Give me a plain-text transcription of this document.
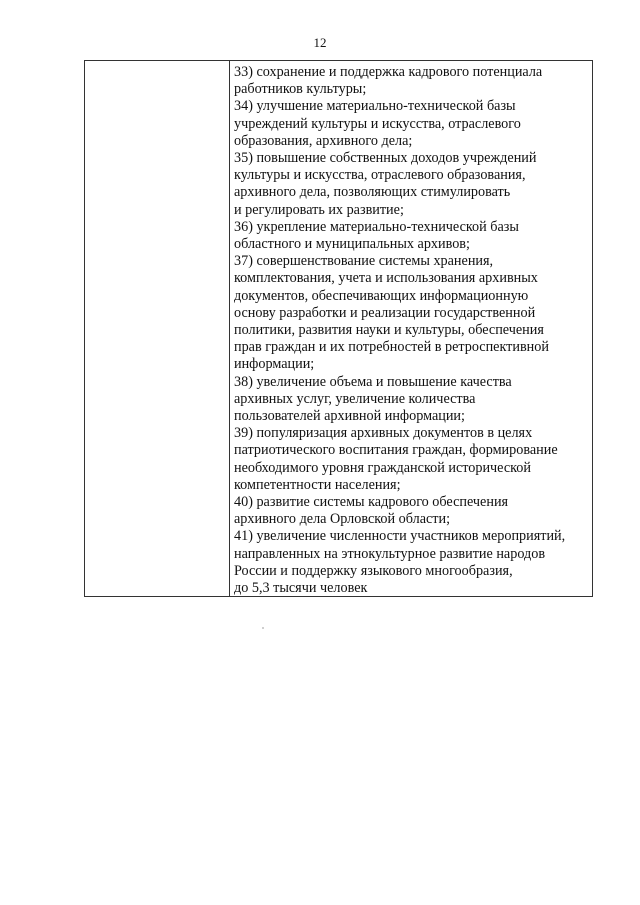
12
33) сохранение и поддержка кадрового потенциала
работников культуры;
34) улучшение материально-технической базы
учреждений культуры и искусства, отраслевого
образования, архивного дела;
35) повышение собственных доходов учреждений
культуры и искусства, отраслевого образования,
архивного дела, позволяющих стимулировать
и регулировать их развитие;
36) укрепление материально-технической базы
областного и муниципальных архивов;
37) совершенствование системы хранения,
комплектования, учета и использования архивных
документов, обеспечивающих информационную
основу разработки и реализации государственной
политики, развития науки и культуры, обеспечения
прав граждан и их потребностей в ретроспективной
информации;
38) увеличение объема и повышение качества
архивных услуг, увеличение количества
пользователей архивной информации;
39) популяризация архивных документов в целях
патриотического воспитания граждан, формирование
необходимого уровня гражданской исторической
компетентности населения;
40) развитие системы кадрового обеспечения
архивного дела Орловской области;
41) увеличение численности участников мероприятий,
направленных на этнокультурное развитие народов
России и поддержку языкового многообразия,
до 5,3 тысячи человек
